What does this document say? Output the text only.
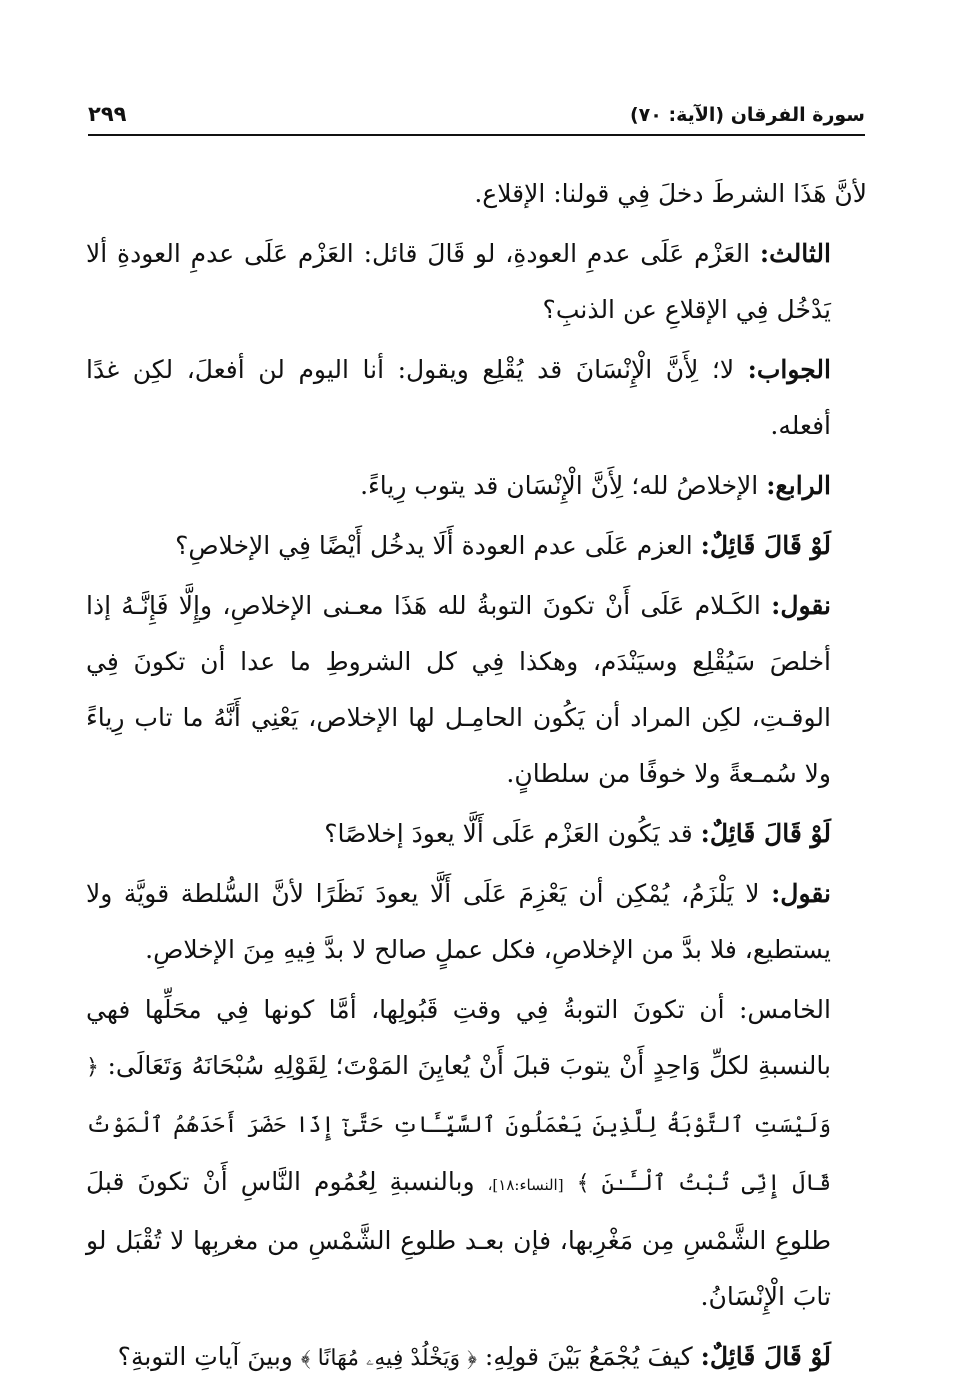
سورة الفرقان (الآية: ٧٠)
٢٩٩

لأنَّ هَذَا الشرطَ دخلَ فِي قولنا: الإقلاع.

الثالث: العَزْم عَلَى عدمِ العودةِ، لو قَالَ قائل: العَزْم عَلَى عدمِ العودةِ ألا يَدْخُل فِي الإقلاعِ عن الذنبِ؟

الجواب: لا؛ لِأَنَّ الْإِنْسَانَ قد يُقْلِع ويقول: أنا اليوم لن أفعلَ، لكِن غدًا أفعله.

الرابع: الإخلاصُ لله؛ لِأَنَّ الْإِنْسَان قد يتوب رِياءً.

لَوْ قَالَ قَائِلٌ: العزم عَلَى عدم العودة أَلَا يدخُل أَيْضًا فِي الإخلاصِ؟

نقول: الكَـلام عَلَى أَنْ تكونَ التوبةُ لله هَذَا معـنى الإخلاصِ، وإِلَّا فَإِنَّـهُ إذا أخلصَ سَيُقْلِع وسيَنْدَم، وهكذا فِي كل الشروطِ ما عدا أن تكونَ فِي الوقـتِ، لكِن المراد أن يَكُون الحامِـل لها الإخلاص، يَعْنِي أَنَّهُ ما تاب رِياءً ولا سُمـعةً ولا خوفًا من سلطانٍ.

لَوْ قَالَ قَائِلٌ: قد يَكُون العَزْم عَلَى أَلَّا يعودَ إخلاصًا؟

نقول: لا يَلْزَمُ، يُمْكِن أن يَعْزِمَ عَلَى أَلَّا يعودَ نَظَرًا لأنَّ السُّلطة قويَّة ولا يستطيع، فلا بدَّ من الإخلاصِ، فكل عملٍ صالح لا بدَّ فِيهِ مِنَ الإخلاصِ.

الخامس: أن تكونَ التوبةُ فِي وقتِ قَبُولِها، أمَّا كونها فِي محَلِّها فهي بالنسبةِ لكلِّ وَاحِدٍ أَنْ يتوبَ قبلَ أَنْ يُعايِنَ المَوْتَ؛ لِقَوْلِهِ سُبْحَانَهُ وَتَعَالَى: ﴿ وَلَيْسَتِ ٱلتَّوْبَةُ لِلَّذِينَ يَعْمَلُونَ ٱلسَّيِّـَٔاتِ حَتَّىٰٓ إِذَا حَضَرَ أَحَدَهُمُ ٱلْمَوْتُ قَالَ إِنِّى تُبْتُ ٱلْـَٔـٰنَ ﴾ [النساء:١٨]، وبالنسبةِ لِعُمُوم النَّاسِ أَنْ تكونَ قبلَ طلوعِ الشَّمْسِ مِن مَغْرِبها، فإن بعـد طلوعِ الشَّمْسِ من مغربِها لا تُقْبَل لو تابَ الْإِنْسَانُ.

لَوْ قَالَ قَائِلٌ: كيفَ يُجْمَعُ بَيْنَ قولِهِ: ﴿ وَيَخْلُدْ فِيهِۦ مُهَانًا ﴾ وبينَ آياتِ التوبةِ؟
